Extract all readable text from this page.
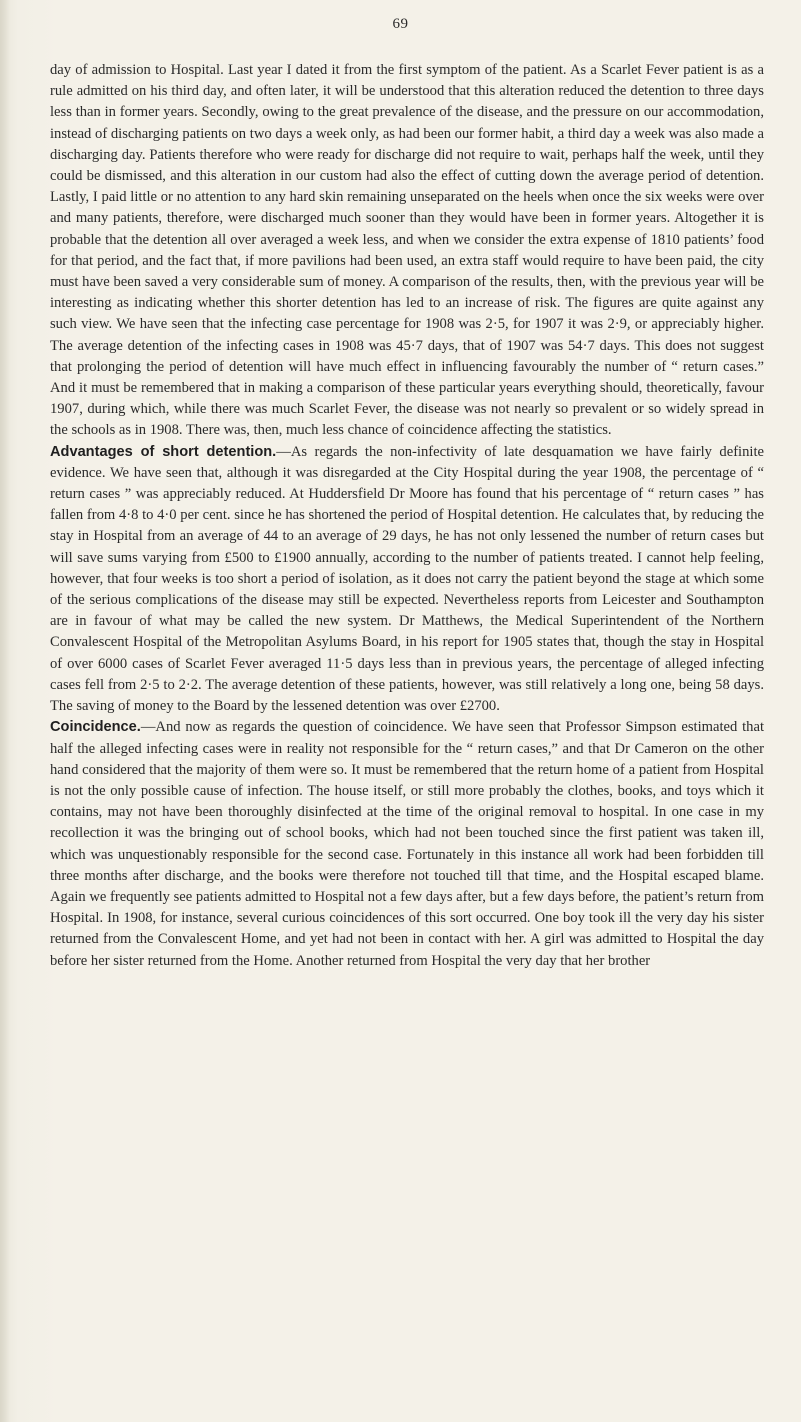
69

day of admission to Hospital. Last year I dated it from the first symptom of the patient. As a Scarlet Fever patient is as a rule admitted on his third day, and often later, it will be understood that this alteration reduced the detention to three days less than in former years. Secondly, owing to the great prevalence of the disease, and the pressure on our accommodation, instead of discharging patients on two days a week only, as had been our former habit, a third day a week was also made a discharging day. Patients therefore who were ready for discharge did not require to wait, perhaps half the week, until they could be dismissed, and this alteration in our custom had also the effect of cutting down the average period of detention. Lastly, I paid little or no attention to any hard skin remaining unseparated on the heels when once the six weeks were over and many patients, therefore, were discharged much sooner than they would have been in former years. Altogether it is probable that the detention all over averaged a week less, and when we consider the extra expense of 1810 patients’ food for that period, and the fact that, if more pavilions had been used, an extra staff would require to have been paid, the city must have been saved a very considerable sum of money. A comparison of the results, then, with the previous year will be interesting as indicating whether this shorter detention has led to an increase of risk. The figures are quite against any such view. We have seen that the infecting case percentage for 1908 was 2·5, for 1907 it was 2·9, or appreciably higher. The average detention of the infecting cases in 1908 was 45·7 days, that of 1907 was 54·7 days. This does not suggest that prolonging the period of detention will have much effect in influencing favourably the number of “ return cases.” And it must be remembered that in making a comparison of these particular years everything should, theoretically, favour 1907, during which, while there was much Scarlet Fever, the disease was not nearly so prevalent or so widely spread in the schools as in 1908. There was, then, much less chance of coincidence affecting the statistics.

Advantages of short detention.—As regards the non-infectivity of late desquamation we have fairly definite evidence. We have seen that, although it was disregarded at the City Hospital during the year 1908, the percentage of “ return cases ” was appreciably reduced. At Huddersfield Dr Moore has found that his percentage of “ return cases ” has fallen from 4·8 to 4·0 per cent. since he has shortened the period of Hospital detention. He calculates that, by reducing the stay in Hospital from an average of 44 to an average of 29 days, he has not only lessened the number of return cases but will save sums varying from £500 to £1900 annually, according to the number of patients treated. I cannot help feeling, however, that four weeks is too short a period of isolation, as it does not carry the patient beyond the stage at which some of the serious complications of the disease may still be expected. Nevertheless reports from Leicester and Southampton are in favour of what may be called the new system. Dr Matthews, the Medical Superintendent of the Northern Convalescent Hospital of the Metropolitan Asylums Board, in his report for 1905 states that, though the stay in Hospital of over 6000 cases of Scarlet Fever averaged 11·5 days less than in previous years, the percentage of alleged infecting cases fell from 2·5 to 2·2. The average detention of these patients, however, was still relatively a long one, being 58 days. The saving of money to the Board by the lessened detention was over £2700.

Coincidence.—And now as regards the question of coincidence. We have seen that Professor Simpson estimated that half the alleged infecting cases were in reality not responsible for the “ return cases,” and that Dr Cameron on the other hand considered that the majority of them were so. It must be remembered that the return home of a patient from Hospital is not the only possible cause of infection. The house itself, or still more probably the clothes, books, and toys which it contains, may not have been thoroughly disinfected at the time of the original removal to hospital. In one case in my recollection it was the bringing out of school books, which had not been touched since the first patient was taken ill, which was unquestionably responsible for the second case. Fortunately in this instance all work had been forbidden till three months after discharge, and the books were therefore not touched till that time, and the Hospital escaped blame. Again we frequently see patients admitted to Hospital not a few days after, but a few days before, the patient’s return from Hospital. In 1908, for instance, several curious coincidences of this sort occurred. One boy took ill the very day his sister returned from the Convalescent Home, and yet had not been in contact with her. A girl was admitted to Hospital the day before her sister returned from the Home. Another returned from Hospital the very day that her brother
